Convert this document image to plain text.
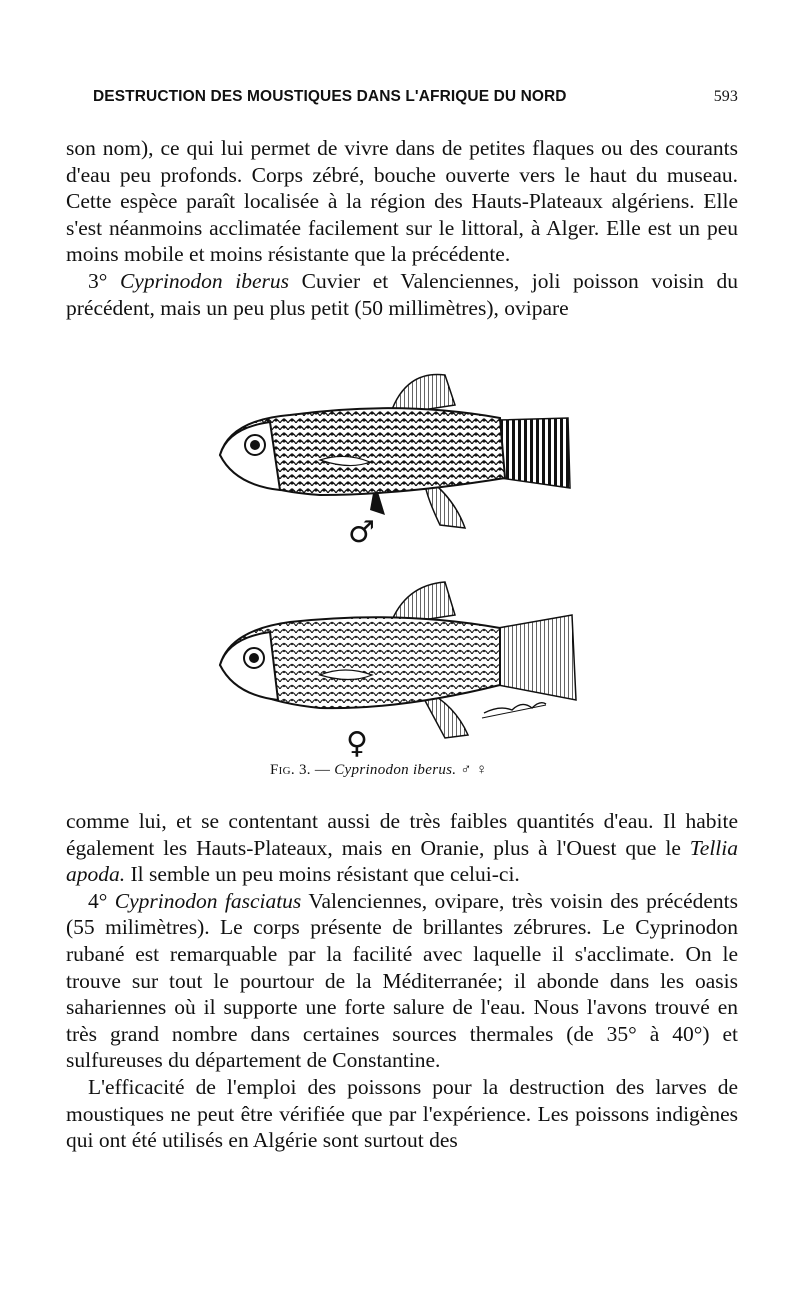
DESTRUCTION DES MOUSTIQUES DANS L'AFRIQUE DU NORD	593

son nom), ce qui lui permet de vivre dans de petites flaques ou des courants d'eau peu profonds. Corps zébré, bouche ouverte vers le haut du museau. Cette espèce paraît localisée à la région des Hauts-Plateaux algériens. Elle s'est néanmoins acclimatée facilement sur le littoral, à Alger. Elle est un peu moins mobile et moins résistante que la précédente.

3° Cyprinodon iberus Cuvier et Valenciennes, joli poisson voisin du précédent, mais un peu plus petit (50 millimètres), ovipare

♂
♀
Fig. 3. — Cyprinodon iberus. ♂ ♀

comme lui, et se contentant aussi de très faibles quantités d'eau. Il habite également les Hauts-Plateaux, mais en Oranie, plus à l'Ouest que le Tellia apoda. Il semble un peu moins résistant que celui-ci.

4° Cyprinodon fasciatus Valenciennes, ovipare, très voisin des précédents (55 milimètres). Le corps présente de brillantes zébrures. Le Cyprinodon rubané est remarquable par la facilité avec laquelle il s'acclimate. On le trouve sur tout le pourtour de la Méditerranée; il abonde dans les oasis sahariennes où il supporte une forte salure de l'eau. Nous l'avons trouvé en très grand nombre dans certaines sources thermales (de 35° à 40°) et sulfureuses du département de Constantine.

L'efficacité de l'emploi des poissons pour la destruction des larves de moustiques ne peut être vérifiée que par l'expérience. Les poissons indigènes qui ont été utilisés en Algérie sont surtout des
